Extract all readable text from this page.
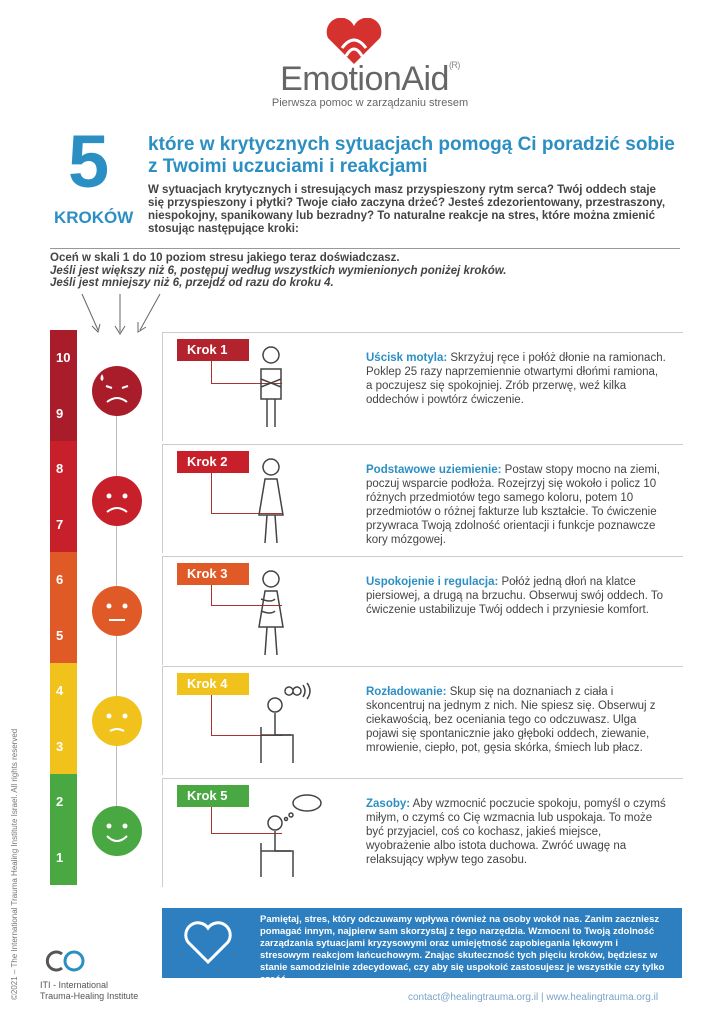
EmotionAid$^{(R)}$
Pierwsza pomoc w zarządzaniu stresem
5
KROKÓW
które w krytycznych sytuacjach pomogą Ci poradzić sobie z Twoimi uczuciami i reakcjami
W sytuacjach krytycznych i stresujących masz przyspieszony rytm serca? Twój oddech staje się przyspieszony i płytki? Twoje ciało zaczyna drżeć? Jesteś zdezorientowany, przestraszony, niespokojny, spanikowany lub bezradny? To naturalne reakcje na stres, które można zmienić stosując następujące kroki:
Oceń w skali 1 do 10 poziom stresu jakiego teraz doświadczasz.
Jeśli jest większy niż 6, postępuj według wszystkich wymienionych poniżej kroków.
Jeśli jest mniejszy niż 6, przejdź od razu do kroku 4.
10
9
8
7
6
5
4
3
2
1
Krok 1
Uścisk motyla: Skrzyżuj ręce i połóż dłonie na ramionach. Poklep 25 razy naprzemiennie otwartymi dłońmi ramiona, a poczujesz się spokojniej. Zrób przerwę, weź kilka oddechów i powtórz ćwiczenie.
Krok 2
Podstawowe uziemienie: Postaw stopy mocno na ziemi, poczuj wsparcie podłoża. Rozejrzyj się wokoło i policz 10 różnych przedmiotów tego samego koloru, potem 10 przedmiotów o różnej fakturze lub kształcie. To ćwiczenie przywraca Twoją zdolność orientacji i funkcje poznawcze kory mózgowej.
Krok 3
Uspokojenie i regulacja: Połóż jedną dłoń na klatce piersiowej, a drugą na brzuchu. Obserwuj swój oddech. To ćwiczenie ustabilizuje Twój oddech i przyniesie komfort.
Krok 4
Rozładowanie: Skup się na doznaniach z ciała i skoncentruj na jednym z nich. Nie spiesz się. Obserwuj z ciekawością, bez oceniania tego co odczuwasz. Ulga pojawi się spontanicznie jako głęboki oddech, ziewanie, mrowienie, ciepło, pot, gęsia skórka, śmiech lub płacz.
Krok 5
Zasoby: Aby wzmocnić poczucie spokoju, pomyśl o czymś miłym, o czymś co Cię wzmacnia lub uspokaja. To może być przyjaciel, coś co kochasz, jakieś miejsce, wyobrażenie albo istota duchowa. Zwróć uwagę na relaksujący wpływ tego zasobu.
Pamiętaj, stres, który odczuwamy wpływa również na osoby wokół nas. Zanim zaczniesz pomagać innym, najpierw sam skorzystaj z tego narzędzia. Wzmocni to Twoją zdolność zarządzania sytuacjami kryzysowymi oraz umiejętność zapobiegania lękowym i stresowym reakcjom łańcuchowym. Znając skuteczność tych pięciu kroków, będziesz w stanie samodzielnie zdecydować, czy aby się uspokoić zastosujesz je wszystkie czy tylko część.
©2021 – The International Trauma Healing Institute Israel. All rights reserved ITI - International
Trauma-Healing Institute	contact@healingtrauma.org.il | www.healingtrauma.org.il
